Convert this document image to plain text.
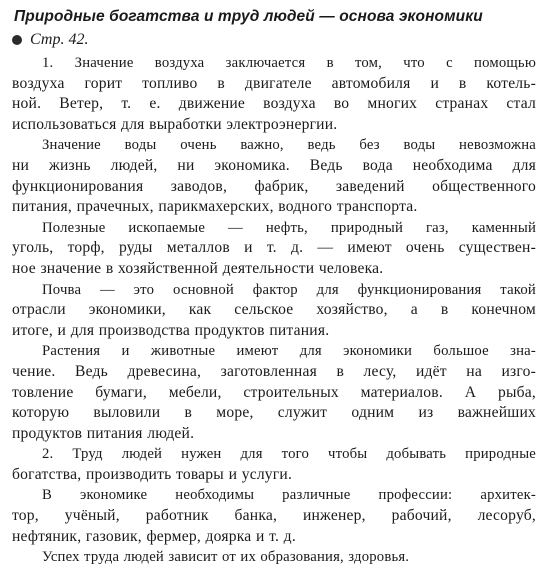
Природные богатства и труд людей — основа экономики
Стр. 42.
1. Значение воздуха заключается в том, что с помощью
воздуха горит топливо в двигателе автомобиля и в котель-
ной. Ветер, т. е. движение воздуха во многих странах стал
использоваться для выработки электроэнергии.
Значение воды очень важно, ведь без воды невозможна
ни жизнь людей, ни экономика. Ведь вода необходима для
функционирования заводов, фабрик, заведений общественного
питания, прачечных, парикмахерских, водного транспорта.
Полезные ископаемые — нефть, природный газ, каменный
уголь, торф, руды металлов и т. д. — имеют очень существен-
ное значение в хозяйственной деятельности человека.
Почва — это основной фактор для функционирования такой
отрасли экономики, как сельское хозяйство, а в конечном
итоге, и для производства продуктов питания.
Растения и животные имеют для экономики большое зна-
чение. Ведь древесина, заготовленная в лесу, идёт на изго-
товление бумаги, мебели, строительных материалов. А рыба,
которую выловили в море, служит одним из важнейших
продуктов питания людей.
2. Труд людей нужен для того чтобы добывать природные
богатства, производить товары и услуги.
В экономике необходимы различные профессии: архитек-
тор, учёный, работник банка, инженер, рабочий, лесоруб,
нефтяник, газовик, фермер, доярка и т. д.
Успех труда людей зависит от их образования, здоровья.
